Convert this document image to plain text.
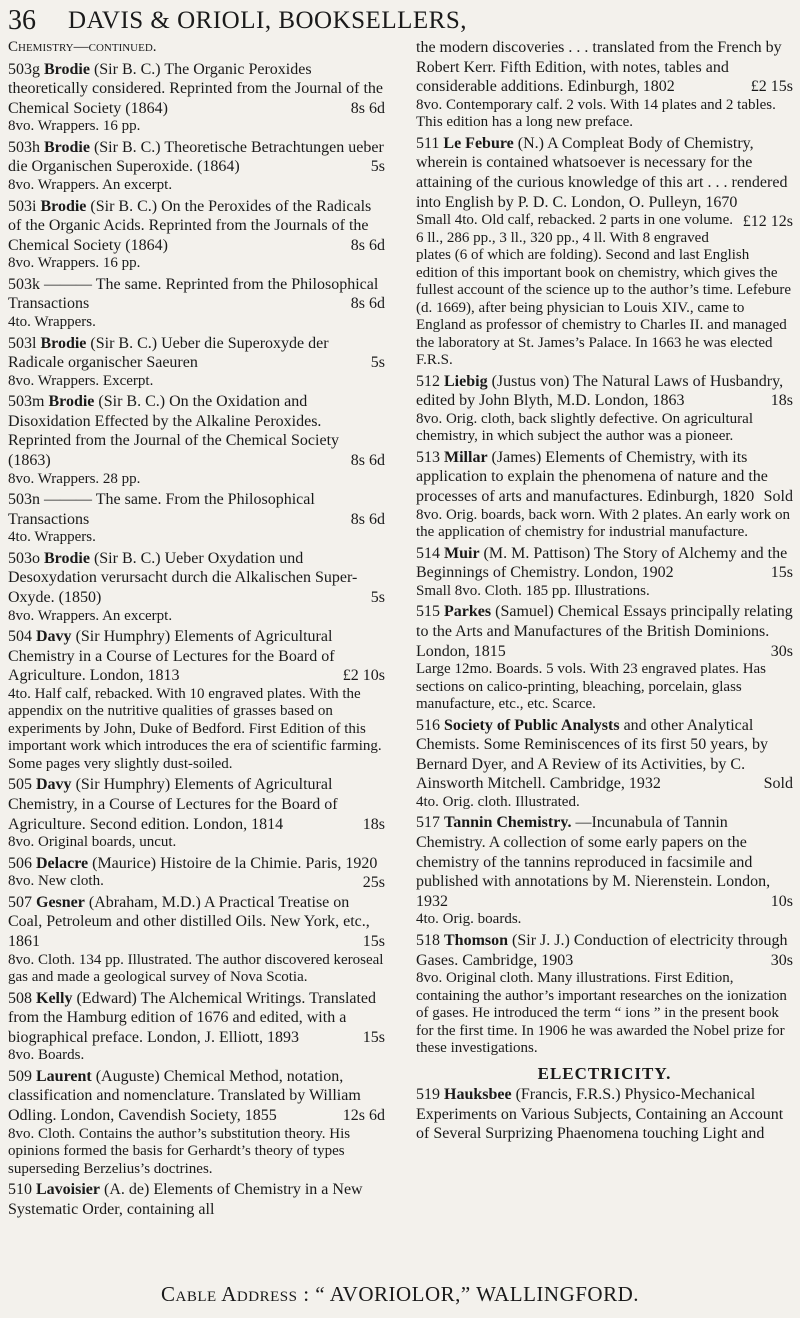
36	DAVIS & ORIOLI, BOOKSELLERS,
Chemistry—continued.
503g Brodie (Sir B. C.) The Organic Peroxides theoretically considered. Reprinted from the Journal of the Chemical Society (1864)	8s 6d
8vo. Wrappers. 16 pp.
503h Brodie (Sir B. C.) Theoretische Betrachtungen ueber die Organischen Superoxide. (1864)	5s
8vo. Wrappers. An excerpt.
503i Brodie (Sir B. C.) On the Peroxides of the Radicals of the Organic Acids. Reprinted from the Journals of the Chemical Society (1864)	8s 6d
8vo. Wrappers. 16 pp.
503k ——— The same. Reprinted from the Philosophical Transactions	8s 6d
4to. Wrappers.
503l Brodie (Sir B. C.) Ueber die Superoxyde der Radicale organischer Saeuren	5s
8vo. Wrappers. Excerpt.
503m Brodie (Sir B. C.) On the Oxidation and Disoxidation Effected by the Alkaline Peroxides. Reprinted from the Journal of the Chemical Society (1863)	8s 6d
8vo. Wrappers. 28 pp.
503n ——— The same. From the Philosophical Transactions	8s 6d
4to. Wrappers.
503o Brodie (Sir B. C.) Ueber Oxydation und Desoxydation verursacht durch die Alkalischen Super-Oxyde. (1850)	5s
8vo. Wrappers. An excerpt.
504 Davy (Sir Humphry) Elements of Agricultural Chemistry in a Course of Lectures for the Board of Agriculture. London, 1813	£2 10s
4to. Half calf, rebacked. With 10 engraved plates. With the appendix on the nutritive qualities of grasses based on experiments by John, Duke of Bedford. First Edition of this important work which introduces the era of scientific farming. Some pages very slightly dust-soiled.
505 Davy (Sir Humphry) Elements of Agricultural Chemistry, in a Course of Lectures for the Board of Agriculture. Second edition. London, 1814	18s
8vo. Original boards, uncut.
506 Delacre (Maurice) Histoire de la Chimie. Paris, 1920
25s
8vo. New cloth.
507 Gesner (Abraham, M.D.) A Practical Treatise on Coal, Petroleum and other distilled Oils. New York, etc., 1861	15s
8vo. Cloth. 134 pp. Illustrated. The author discovered keroseal gas and made a geological survey of Nova Scotia.
508 Kelly (Edward) The Alchemical Writings. Translated from the Hamburg edition of 1676 and edited, with a biographical preface. London, J. Elliott, 1893	15s
8vo. Boards.
509 Laurent (Auguste) Chemical Method, notation, classification and nomenclature. Translated by William Odling. London, Cavendish Society, 1855	12s 6d
8vo. Cloth. Contains the author’s substitution theory. His opinions formed the basis for Gerhardt’s theory of types superseding Berzelius’s doctrines.
510 Lavoisier (A. de) Elements of Chemistry in a New Systematic Order, containing all
the modern discoveries . . . translated from the French by Robert Kerr. Fifth Edition, with notes, tables and considerable additions. Edinburgh, 1802	£2 15s
8vo. Contemporary calf. 2 vols. With 14 plates and 2 tables. This edition has a long new preface.
511 Le Febure (N.) A Compleat Body of Chemistry, wherein is contained whatsoever is necessary for the attaining of the curious knowledge of this art . . . rendered into English by P. D. C. London, O. Pulleyn, 1670
£12 12s
Small 4to. Old calf, rebacked. 2 parts in one volume. 6 ll., 286 pp., 3 ll., 320 pp., 4 ll. With 8 engraved plates (6 of which are folding). Second and last English edition of this important book on chemistry, which gives the fullest account of the science up to the author’s time. Lefebure (d. 1669), after being physician to Louis XIV., came to England as professor of chemistry to Charles II. and managed the laboratory at St. James’s Palace. In 1663 he was elected F.R.S.
512 Liebig (Justus von) The Natural Laws of Husbandry, edited by John Blyth, M.D. London, 1863	18s
8vo. Orig. cloth, back slightly defective. On agricultural chemistry, in which subject the author was a pioneer.
513 Millar (James) Elements of Chemistry, with its application to explain the phenomena of nature and the processes of arts and manufactures. Edinburgh, 1820 Sold
8vo. Orig. boards, back worn. With 2 plates. An early work on the application of chemistry for industrial manufacture.
514 Muir (M. M. Pattison) The Story of Alchemy and the Beginnings of Chemistry. London, 1902	15s
Small 8vo. Cloth. 185 pp. Illustrations.
515 Parkes (Samuel) Chemical Essays principally relating to the Arts and Manufactures of the British Dominions. London, 1815	30s
Large 12mo. Boards. 5 vols. With 23 engraved plates. Has sections on calico-printing, bleaching, porcelain, glass manufacture, etc., etc. Scarce.
516 Society of Public Analysts and other Analytical Chemists. Some Reminiscences of its first 50 years, by Bernard Dyer, and A Review of its Activities, by C. Ainsworth Mitchell. Cambridge, 1932	Sold
4to. Orig. cloth. Illustrated.
517 Tannin Chemistry. —Incunabula of Tannin Chemistry. A collection of some early papers on the chemistry of the tannins reproduced in facsimile and published with annotations by M. Nierenstein. London, 1932	10s
4to. Orig. boards.
518 Thomson (Sir J. J.) Conduction of electricity through Gases. Cambridge, 1903	30s
8vo. Original cloth. Many illustrations. First Edition, containing the author’s important researches on the ionization of gases. He introduced the term “ ions ” in the present book for the first time. In 1906 he was awarded the Nobel prize for these investigations.
ELECTRICITY.
519 Hauksbee (Francis, F.R.S.) Physico-Mechanical Experiments on Various Subjects, Containing an Account of Several Surprizing Phaenomena touching Light and
Cable Address : “ AVORIOLOR,” WALLINGFORD.
